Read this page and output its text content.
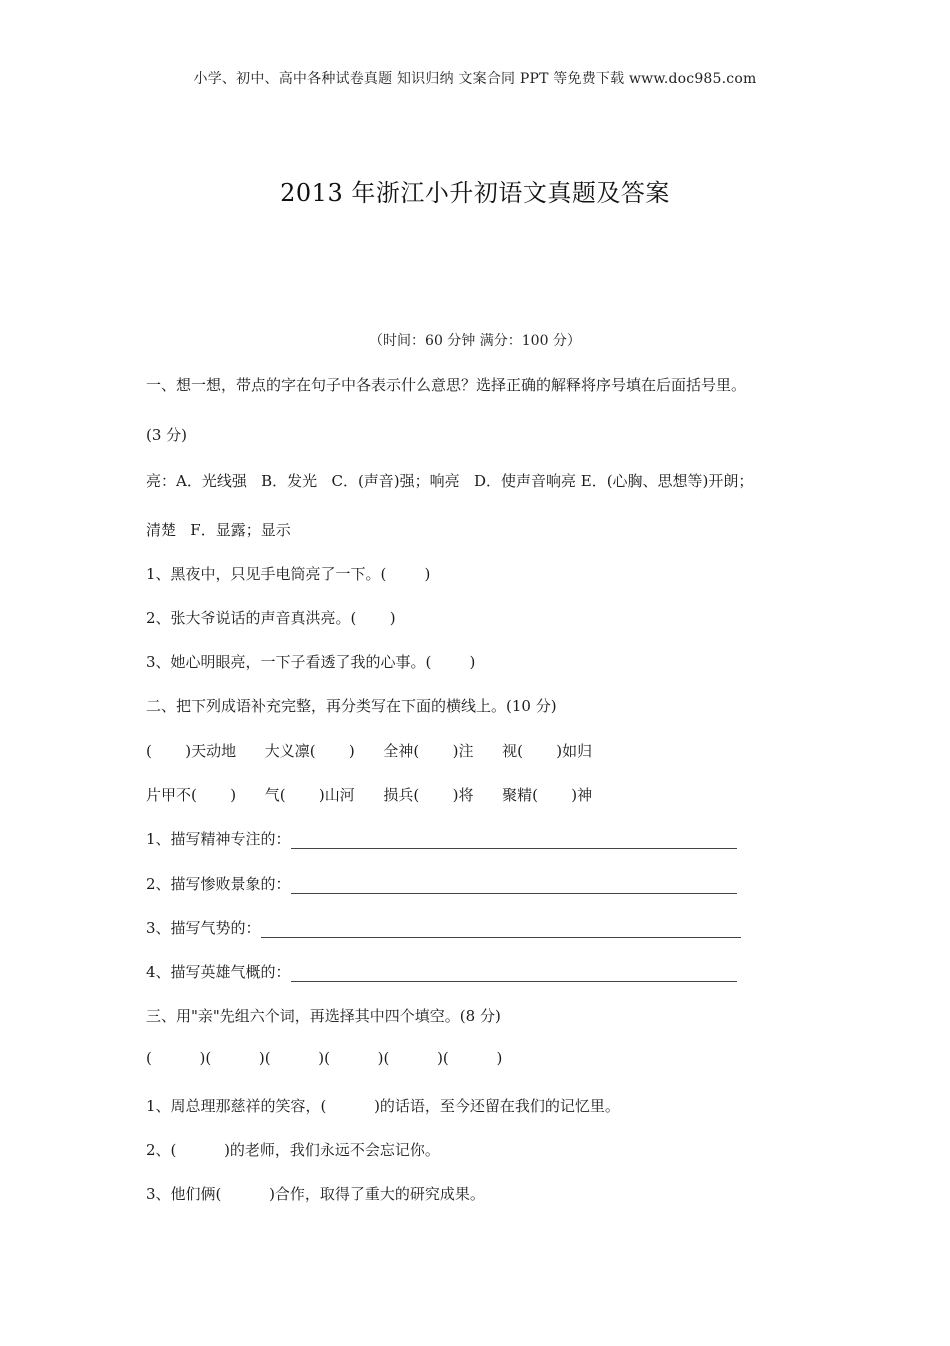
小学、初中、高中各种试卷真题 知识归纳 文案合同 PPT 等免费下载 www.doc985.com
2013 年浙江小升初语文真题及答案
（时间：60 分钟 满分：100 分）
一、想一想，带点的字在句子中各表示什么意思？选择正确的解释将序号填在后面括号里。
(3 分)
亮：A．光线强   B．发光   C．(声音)强；响亮   D．使声音响亮 E．(心胸、思想等)开朗；
清楚   F．显露；显示
1、黑夜中，只见手电筒亮了一下。(        )
2、张大爷说话的声音真洪亮。(       )
3、她心明眼亮，一下子看透了我的心事。(        )
二、把下列成语补充完整，再分类写在下面的横线上。(10 分)
(       )天动地      大义凛(       )      全神(       )注      视(       )如归
片甲不(       )      气(       )山河      损兵(       )将      聚精(       )神
1、描写精神专注的：
2、描写惨败景象的：
3、描写气势的：
4、描写英雄气概的：
三、用"亲"先组六个词，再选择其中四个填空。(8 分)
(          )(          )(          )(          )(          )(          )
1、周总理那慈祥的笑容，(          )的话语，至今还留在我们的记忆里。
2、(          )的老师，我们永远不会忘记你。
3、他们俩(          )合作，取得了重大的研究成果。
